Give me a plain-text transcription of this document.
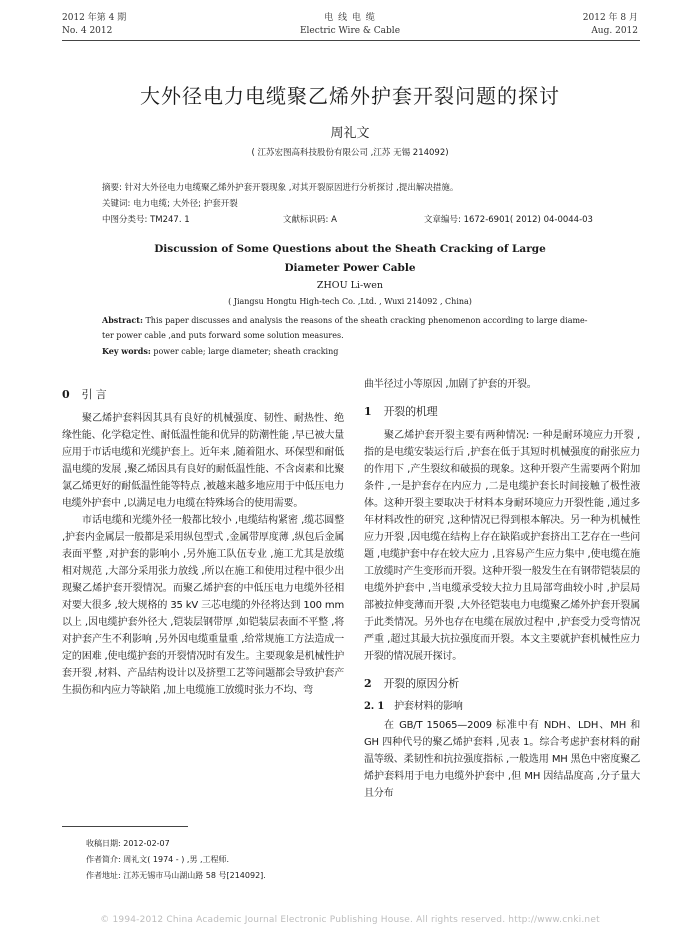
2012 年第 4 期
No. 4 2012
电 线 电 缆
Electric Wire & Cable
2012 年 8 月
Aug. 2012
大外径电力电缆聚乙烯外护套开裂问题的探讨
周礼文
( 江苏宏图高科技股份有限公司 ,江苏 无锡 214092)
摘要: 针对大外径电力电缆聚乙烯外护套开裂现象 ,对其开裂原因进行分析探讨 ,提出解决措施。
关键词: 电力电缆; 大外径; 护套开裂
中图分类号: TM247. 1	文献标识码: A	文章编号: 1672-6901( 2012) 04-0044-03
Discussion of Some Questions about the Sheath Cracking of Large
Diameter Power Cable
ZHOU Li-wen
( Jiangsu Hongtu High-tech Co. ,Ltd. , Wuxi 214092 , China)
Abstract: This paper discusses and analysis the reasons of the sheath cracking phenomenon according to large diame-
ter power cable ,and puts forward some solution measures.
Key words: power cable; large diameter; sheath cracking
0 引 言

聚乙烯护套料因其具有良好的机械强度、韧性、耐热性、绝缘性能、化学稳定性、耐低温性能和优异的防潮性能 ,早已被大量应用于市话电缆和光缆护套上。近年来 ,随着阻水、环保型和耐低温电缆的发展 ,聚乙烯因具有良好的耐低温性能、不含卤素和比聚氯乙烯更好的耐低温性能等特点 ,被越来越多地应用于中低压电力电缆外护套中 ,以满足电力电缆在特殊场合的使用需要。

市话电缆和光缆外径一般都比较小 ,电缆结构紧密 ,缆芯圆整 ,护套内金属层一般都是采用纵包型式 ,金属带厚度薄 ,纵包后金属表面平整 ,对护套的影响小 ,另外施工队伍专业 ,施工尤其是放缆相对规范 ,大部分采用张力放线 ,所以在施工和使用过程中很少出现聚乙烯护套开裂情况。而聚乙烯护套的中低压电力电缆外径相对要大很多 ,较大规格的 35 kV 三芯电缆的外径将达到 100 mm 以上 ,因电缆护套外径大 ,铠装层钢带厚 ,如铠装层表面不平整 ,将对护套产生不利影响 ,另外因电缆重量重 ,给常规施工方法造成一定的困难 ,使电缆护套的开裂情况时有发生。主要现象是机械性护套开裂 ,材料、产品结构设计以及挤塑工艺等问题都会导致护套产生损伤和内应力等缺陷 ,加上电缆施工放缆时张力不均、弯

收稿日期: 2012-02-07
作者简介: 周礼文( 1974 - ) ,男 ,工程师.
作者地址: 江苏无锡市马山湖山路 58 号[214092].

曲半径过小等原因 ,加剧了护套的开裂。

1 开裂的机理

聚乙烯护套开裂主要有两种情况: 一种是耐环境应力开裂 ,指的是电缆安装运行后 ,护套在低于其短时机械强度的耐张应力的作用下 ,产生裂纹和破损的现象。这种开裂产生需要两个附加条件 ,一是护套存在内应力 ,二是电缆护套长时间接触了极性液体。这种开裂主要取决于材料本身耐环境应力开裂性能 ,通过多年材料改性的研究 ,这种情况已得到根本解决。另一种为机械性应力开裂 ,因电缆在结构上存在缺陷或护套挤出工艺存在一些问题 ,电缆护套中存在较大应力 ,且容易产生应力集中 ,使电缆在施工放缆时产生变形而开裂。这种开裂一般发生在有钢带铠装层的电缆外护套中 ,当电缆承受较大拉力且局部弯曲较小时 ,护层局部被拉伸变薄而开裂 ,大外径铠装电力电缆聚乙烯外护套开裂属于此类情况。另外也存在电缆在展放过程中 ,护套受力受弯情况严重 ,超过其最大抗拉强度而开裂。本文主要就护套机械性应力开裂的情况展开探讨。

2 开裂的原因分析
2. 1 护套材料的影响

在 GB/T 15065—2009 标准中有 NDH、LDH、MH 和 GH 四种代号的聚乙烯护套料 ,见表 1。综合考虑护套材料的耐温等级、柔韧性和抗拉强度指标 ,一般选用 MH 黑色中密度聚乙烯护套料用于电力电缆外护套中 ,但 MH 因结晶度高 ,分子量大且分布

© 1994-2012 China Academic Journal Electronic Publishing House. All rights reserved. http://www.cnki.net
